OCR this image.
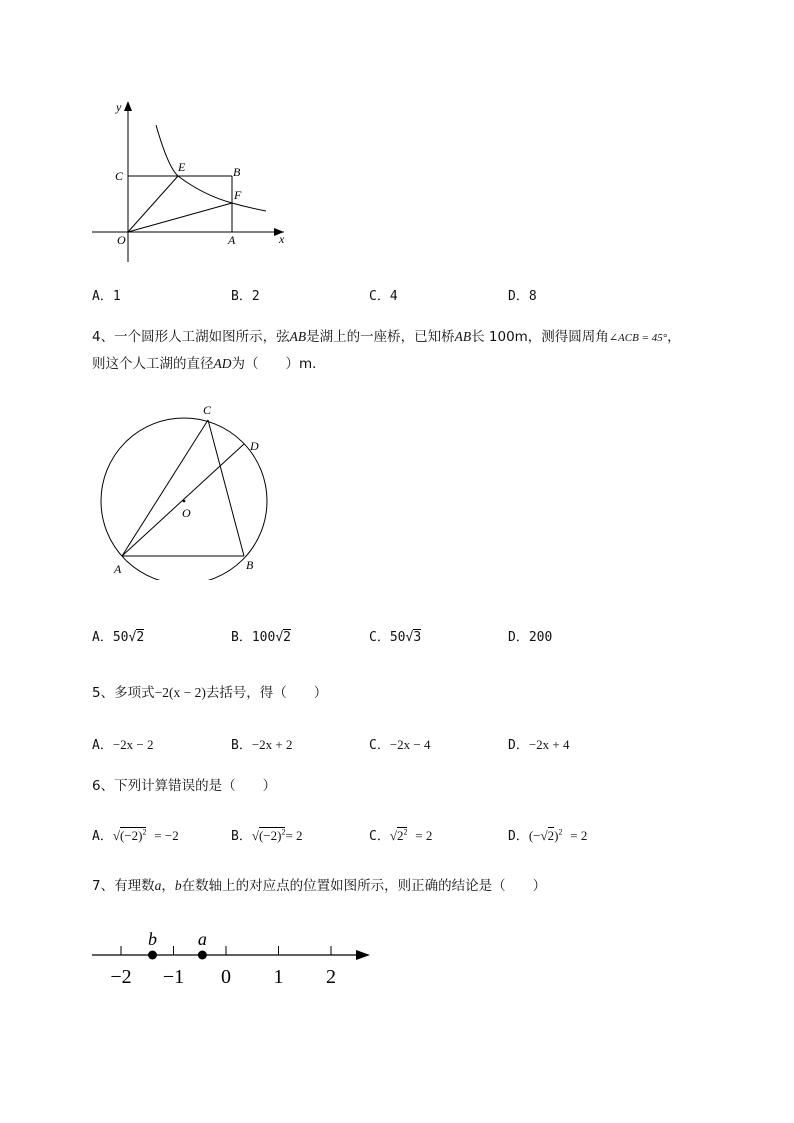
y
x
C
E	B
F
O	A
A．1	B．2	C．4	D．8
4、一个圆形人工湖如图所示，弦AB是湖上的一座桥，已知桥AB长 100m，测得圆周角∠ACB = 45°，
则这个人工湖的直径AD为（　　）m．
C
D
O
A	B
A．50√2	B．100√2	C．50√3	D．200
5、多项式−2(x − 2)去括号，得（　　）
A．−2x − 2	B．−2x + 2	C．−2x − 4	D．−2x + 4
6、下列计算错误的是（　　）
A．$√(-2)^2 = -2$	B．$√(-2)^2= 2$	C．$√2^2 = 2$	D．$(-√2)^2 = 2$
7、有理数a，b在数轴上的对应点的位置如图所示，则正确的结论是（　　）
−2 −1 0 1 2
b a
